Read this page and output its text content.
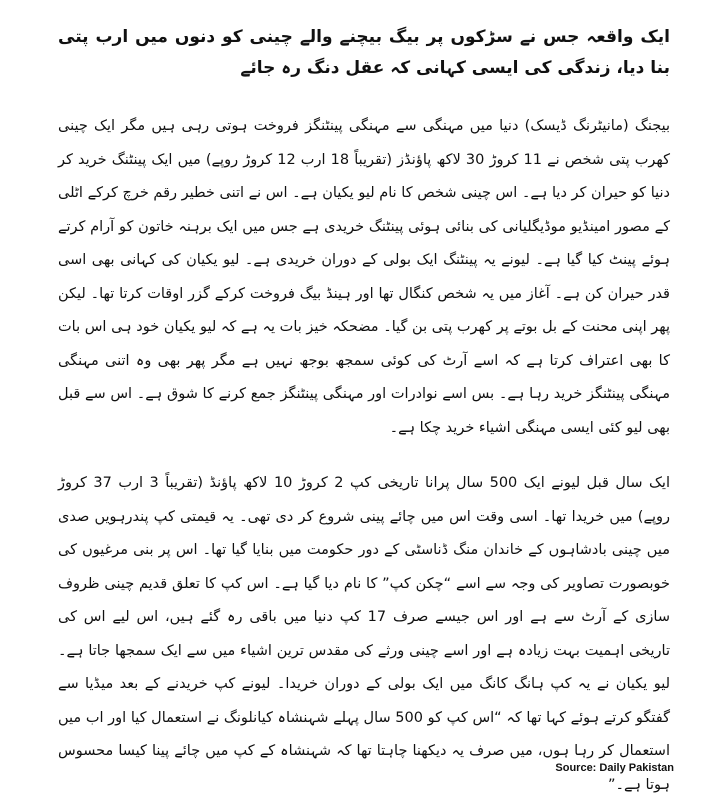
ایک واقعہ جس نے سڑکوں پر بیگ بیچنے والے چینی کو دنوں میں ارب پتی بنا دیا، زندگی کی ایسی کہانی کہ عقل دنگ رہ جائے

بیجنگ (مانیٹرنگ ڈیسک) دنیا میں مہنگی سے مہنگی پینٹنگز فروخت ہوتی رہی ہیں مگر ایک چینی کھرب پتی شخص نے 11 کروڑ 30 لاکھ پاﺅنڈز (تقریباً 18 ارب 12 کروڑ روپے) میں ایک پینٹنگ خرید کر دنیا کو حیران کر دیا ہے۔ اس چینی شخص کا نام لیو یکیان ہے۔ اس نے اتنی خطیر رقم خرچ کرکے اٹلی کے مصور امینڈیو موڈیگلیانی کی بنائی ہوئی پینٹنگ خریدی ہے جس میں ایک برہنہ خاتون کو آرام کرتے ہوئے پینٹ کیا گیا ہے۔ لیونے یہ پینٹنگ ایک بولی کے دوران خریدی ہے۔ لیو یکیان کی کہانی بھی اسی قدر حیران کن ہے۔ آغاز میں یہ شخص کنگال تھا اور ہینڈ بیگ فروخت کرکے گزر اوقات کرتا تھا۔ لیکن پھر اپنی محنت کے بل بوتے پر کھرب پتی بن گیا۔ مضحکہ خیز بات یہ ہے کہ لیو یکیان خود ہی اس بات کا بھی اعتراف کرتا ہے کہ اسے آرٹ کی کوئی سمجھ بوجھ نہیں ہے مگر پھر بھی وہ اتنی مہنگی مہنگی پینٹنگز خرید رہا ہے۔ بس اسے نوادرات اور مہنگی پینٹنگز جمع کرنے کا شوق ہے۔ اس سے قبل بھی لیو کئی ایسی مہنگی اشیاء خرید چکا ہے۔

ایک سال قبل لیونے ایک 500 سال پرانا تاریخی کپ 2 کروڑ 10 لاکھ پاﺅنڈ (تقریباً 3 ارب 37 کروڑ روپے) میں خریدا تھا۔ اسی وقت اس میں چائے پینی شروع کر دی تھی۔ یہ قیمتی کپ پندرہویں صدی میں چینی بادشاہوں کے خاندان منگ ڈناسٹی کے دور حکومت میں بنایا گیا تھا۔ اس پر بنی مرغیوں کی خوبصورت تصاویر کی وجہ سے اسے “چکن کپ” کا نام دیا گیا ہے۔ اس کپ کا تعلق قدیم چینی ظروف سازی کے آرٹ سے ہے اور اس جیسے صرف 17 کپ دنیا میں باقی رہ گئے ہیں، اس لیے اس کی تاریخی اہمیت بہت زیادہ ہے اور اسے چینی ورثے کی مقدس ترین اشیاء میں سے ایک سمجھا جاتا ہے۔ لیو یکیان نے یہ کپ ہانگ کانگ میں ایک بولی کے دوران خریدا۔ لیونے کپ خریدنے کے بعد میڈیا سے گفتگو کرتے ہوئے کہا تھا کہ “اس کپ کو 500 سال پہلے شہنشاہ کیانلونگ نے استعمال کیا اور اب میں استعمال کر رہا ہوں، میں صرف یہ دیکھنا چاہتا تھا کہ شہنشاہ کے کپ میں چائے پینا کیسا محسوس ہوتا ہے۔”

Source: Daily Pakistan
